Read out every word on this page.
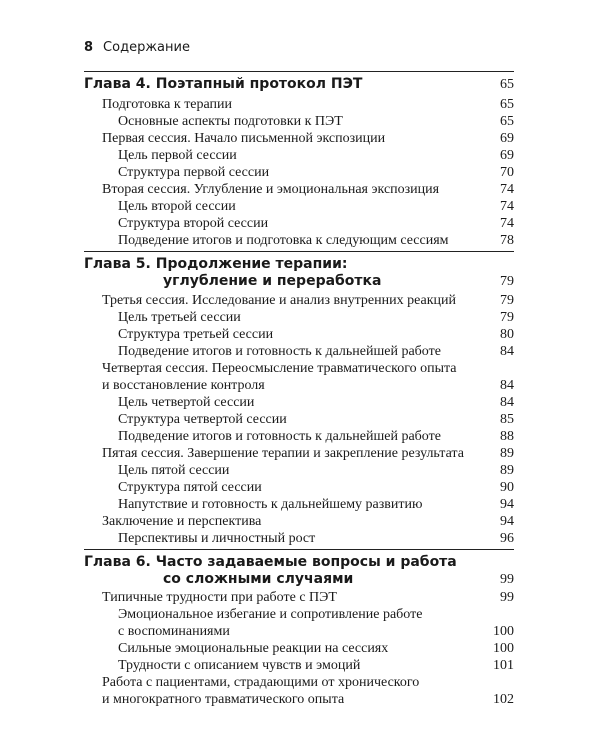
8 Содержание
Глава 4. Поэтапный протокол ПЭТ	65
Подготовка к терапии	65
Основные аспекты подготовки к ПЭТ	65
Первая сессия. Начало письменной экспозиции	69
Цель первой сессии	69
Структура первой сессии	70
Вторая сессия. Углубление и эмоциональная экспозиция	74
Цель второй сессии	74
Структура второй сессии	74
Подведение итогов и подготовка к следующим сессиям	78
Глава 5. Продолжение терапии:
углубление и переработка	79
Третья сессия. Исследование и анализ внутренних реакций	79
Цель третьей сессии	79
Структура третьей сессии	80
Подведение итогов и готовность к дальнейшей работе	84
Четвертая сессия. Переосмысление травматического опыта
и восстановление контроля	84
Цель четвертой сессии	84
Структура четвертой сессии	85
Подведение итогов и готовность к дальнейшей работе	88
Пятая сессия. Завершение терапии и закрепление результата	89
Цель пятой сессии	89
Структура пятой сессии	90
Напутствие и готовность к дальнейшему развитию	94
Заключение и перспектива	94
Перспективы и личностный рост	96
Глава 6. Часто задаваемые вопросы и работа
со сложными случаями	99
Типичные трудности при работе с ПЭТ	99
Эмоциональное избегание и сопротивление работе
с воспоминаниями	100
Сильные эмоциональные реакции на сессиях	100
Трудности с описанием чувств и эмоций	101
Работа с пациентами, страдающими от хронического
и многократного травматического опыта	102
